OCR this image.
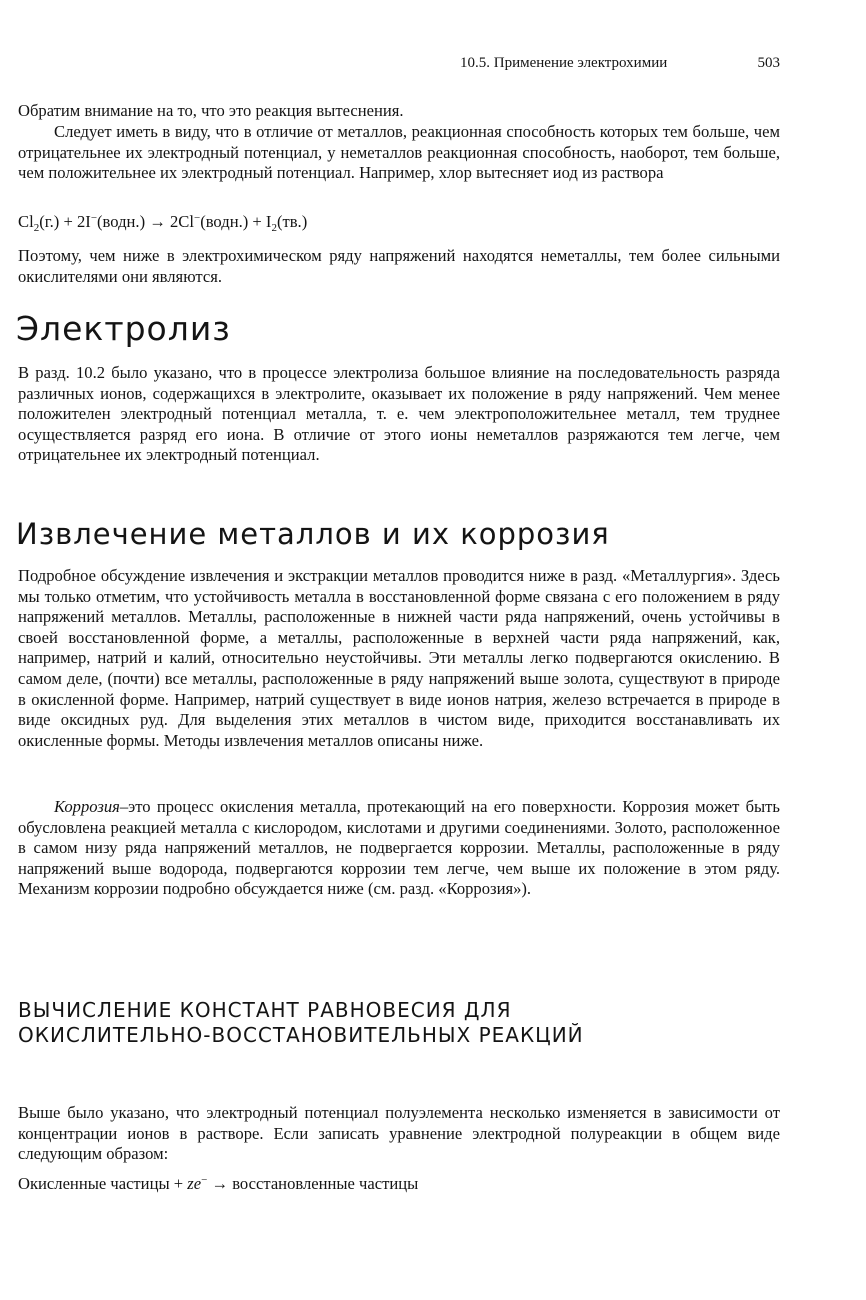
10.5. Применение электрохимии	503

Обратим внимание на то, что это реакция вытеснения.

Следует иметь в виду, что в отличие от металлов, реакционная способность которых тем больше, чем отрицательнее их электродный потенциал, у неметаллов реакционная способность, наоборот, тем больше, чем положительнее их электродный потенциал. Например, хлор вытесняет иод из раствора

$Cl_2(г.)$ + 2I−(водн.) → 2Cl−(водн.) + $I_2(тв.)$

Поэтому, чем ниже в электрохимическом ряду напряжений находятся неметаллы, тем более сильными окислителями они являются.

Электролиз

В разд. 10.2 было указано, что в процессе электролиза большое влияние на последовательность разряда различных ионов, содержащихся в электролите, оказывает их положение в ряду напряжений. Чем менее положителен электродный потенциал металла, т. е. чем электроположительнее металл, тем труднее осуществляется разряд его иона. В отличие от этого ионы неметаллов разряжаются тем легче, чем отрицательнее их электродный потенциал.

Извлечение металлов и их коррозия

Подробное обсуждение извлечения и экстракции металлов проводится ниже в разд. «Металлургия». Здесь мы только отметим, что устойчивость металла в восстановленной форме связана с его положением в ряду напряжений металлов. Металлы, расположенные в нижней части ряда напряжений, очень устойчивы в своей восстановленной форме, а металлы, расположенные в верхней части ряда напряжений, как, например, натрий и калий, относительно неустойчивы. Эти металлы легко подвергаются окислению. В самом деле, (почти) все металлы, расположенные в ряду напряжений выше золота, существуют в природе в окисленной форме. Например, натрий существует в виде ионов натрия, железо встречается в природе в виде оксидных руд. Для выделения этих металлов в чистом виде, приходится восстанавливать их окисленные формы. Методы извлечения металлов описаны ниже.

Коррозия–это процесс окисления металла, протекающий на его поверхности. Коррозия может быть обусловлена реакцией металла с кислородом, кислотами и другими соединениями. Золото, расположенное в самом низу ряда напряжений металлов, не подвергается коррозии. Металлы, расположенные в ряду напряжений выше водорода, подвергаются коррозии тем легче, чем выше их положение в этом ряду. Механизм коррозии подробно обсуждается ниже (см. разд. «Коррозия»).

ВЫЧИСЛЕНИЕ КОНСТАНТ РАВНОВЕСИЯ ДЛЯ
ОКИСЛИТЕЛЬНО-ВОССТАНОВИТЕЛЬНЫХ РЕАКЦИЙ

Выше было указано, что электродный потенциал полуэлемента несколько изменяется в зависимости от концентрации ионов в растворе. Если записать уравнение электродной полуреакции в общем виде следующим образом:

Окисленные частицы + ze− → восстановленные частицы
